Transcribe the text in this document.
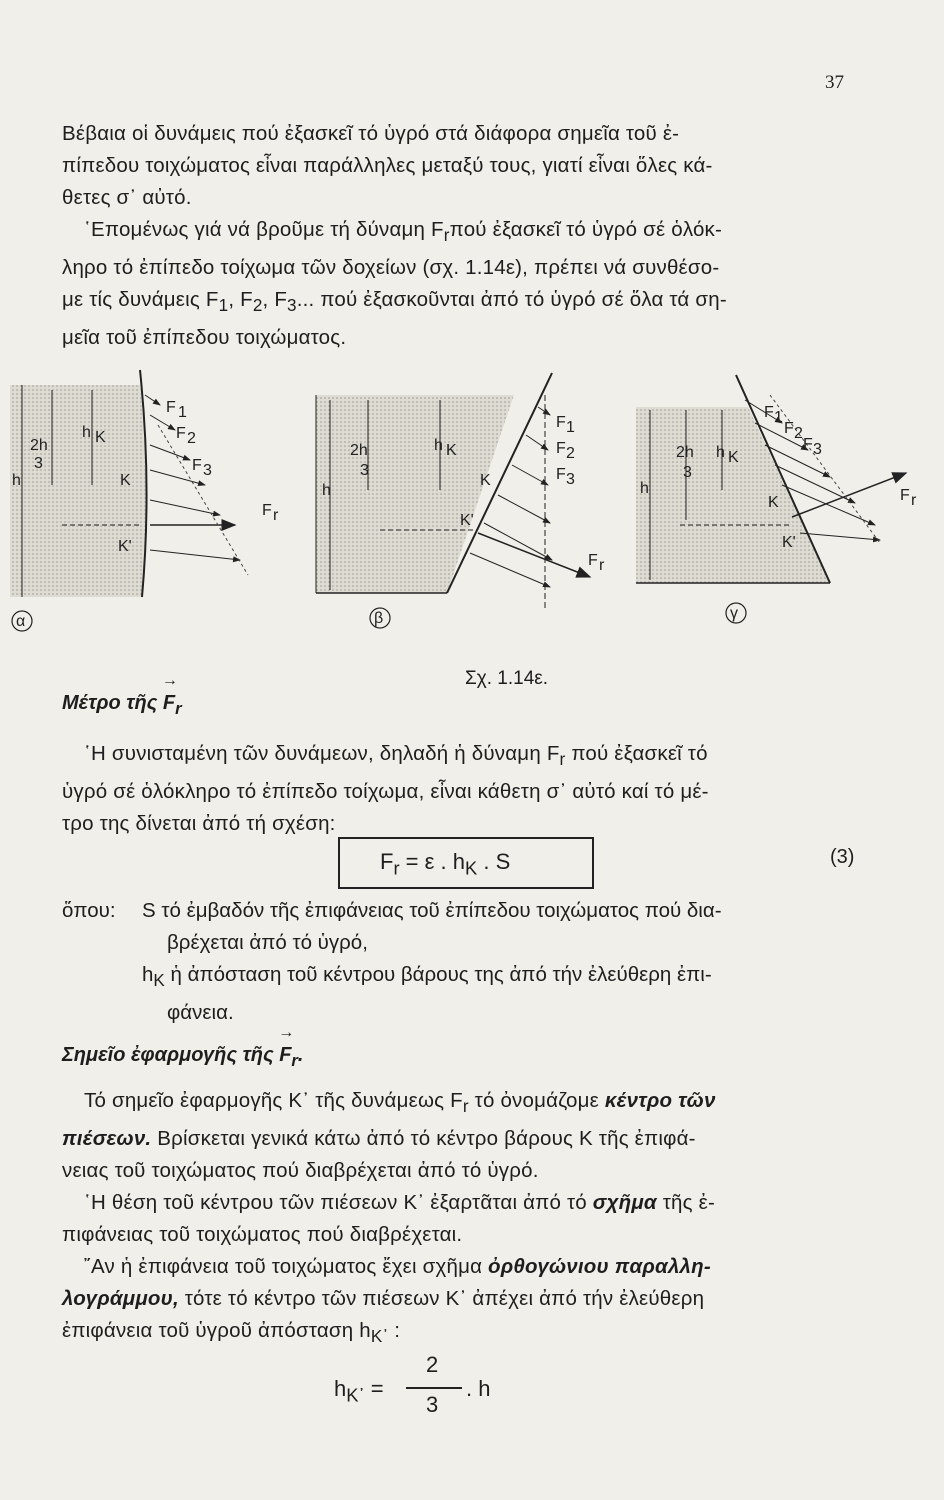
37

Βέβαια οἱ δυνάμεις πού ἐξασκεῖ τό ὑγρό στά διάφορα σημεῖα τοῦ ἐ-
πίπεδου τοιχώματος εἶναι παράλληλες μεταξύ τους, γιατί εἶναι ὅλες κά-
θετες σ᾽ αὐτό.

῾Επομένως γιά νά βροῦμε τή δύναμη $F_r\pi oύ$ ἐξασκεῖ τό ὑγρό σέ ὁλόκ-
ληρο τό ἐπίπεδο τοίχωμα τῶν δοχείων (σχ. 1.14ε), πρέπει νά συνθέσο-
με τίς δυνάμεις $F_1$, $F_2$, $F_3$... πού ἐξασκοῦνται ἀπό τό ὑγρό σέ ὅλα τά ση-
μεῖα τοῦ ἐπίπεδου τοιχώματος.

2h
3
h
h K
K
K'
F 1
F 2
F 3
F r
α
2h
3
h
h K
K
K'
F 1
F 2
F 3
F r
β
2h
3
h
h K
K
K'
F 1
F 2
F 3
F r
γ
Σχ. 1.14ε.
Μέτρο τῆς → $F_r$

῾Η συνισταμένη τῶν δυνάμεων, δηλαδή ἡ δύναμη $F_r$ πού ἐξασκεῖ τό
ὑγρό σέ ὁλόκληρο τό ἐπίπεδο τοίχωμα, εἶναι κάθετη σ᾽ αὐτό καί τό μέ-
τρο της δίνεται ἀπό τή σχέση:

$F_r = \varepsilon$ . $h_K$ . S	(3)
ὅπου: S τό ἐμβαδόν τῆς ἐπιφάνειας τοῦ ἐπίπεδου τοιχώματος πού δια-
βρέχεται ἀπό τό ὑγρό,
$h_K$ ἡ ἀπόσταση τοῦ κέντρου βάρους της ἀπό τήν ἐλεύθερη ἐπι-
φάνεια.
Σημεῖο ἐφαρμογῆς τῆς → $F_r$.

Τό σημεῖο ἐφαρμογῆς K᾽ τῆς δυνάμεως $F_r$ τό ὀνομάζομε κέντρο τῶν
πιέσεων. Βρίσκεται γενικά κάτω ἀπό τό κέντρο βάρους K τῆς ἐπιφά-
νειας τοῦ τοιχώματος πού διαβρέχεται ἀπό τό ὑγρό.

῾Η θέση τοῦ κέντρου τῶν πιέσεων K᾽ ἐξαρτᾶται ἀπό τό σχῆμα τῆς ἐ-
πιφάνειας τοῦ τοιχώματος πού διαβρέχεται.

῎Αν ἡ ἐπιφάνεια τοῦ τοιχώματος ἔχει σχῆμα ὀρθογώνιου παραλλη-
λογράμμου, τότε τό κέντρο τῶν πιέσεων K᾽ ἀπέχει ἀπό τήν ἐλεύθερη
ἐπιφάνεια τοῦ ὑγροῦ ἀπόσταση $h_{K᾽}$ :

$h_{K᾽}$ =
2
3
. h
